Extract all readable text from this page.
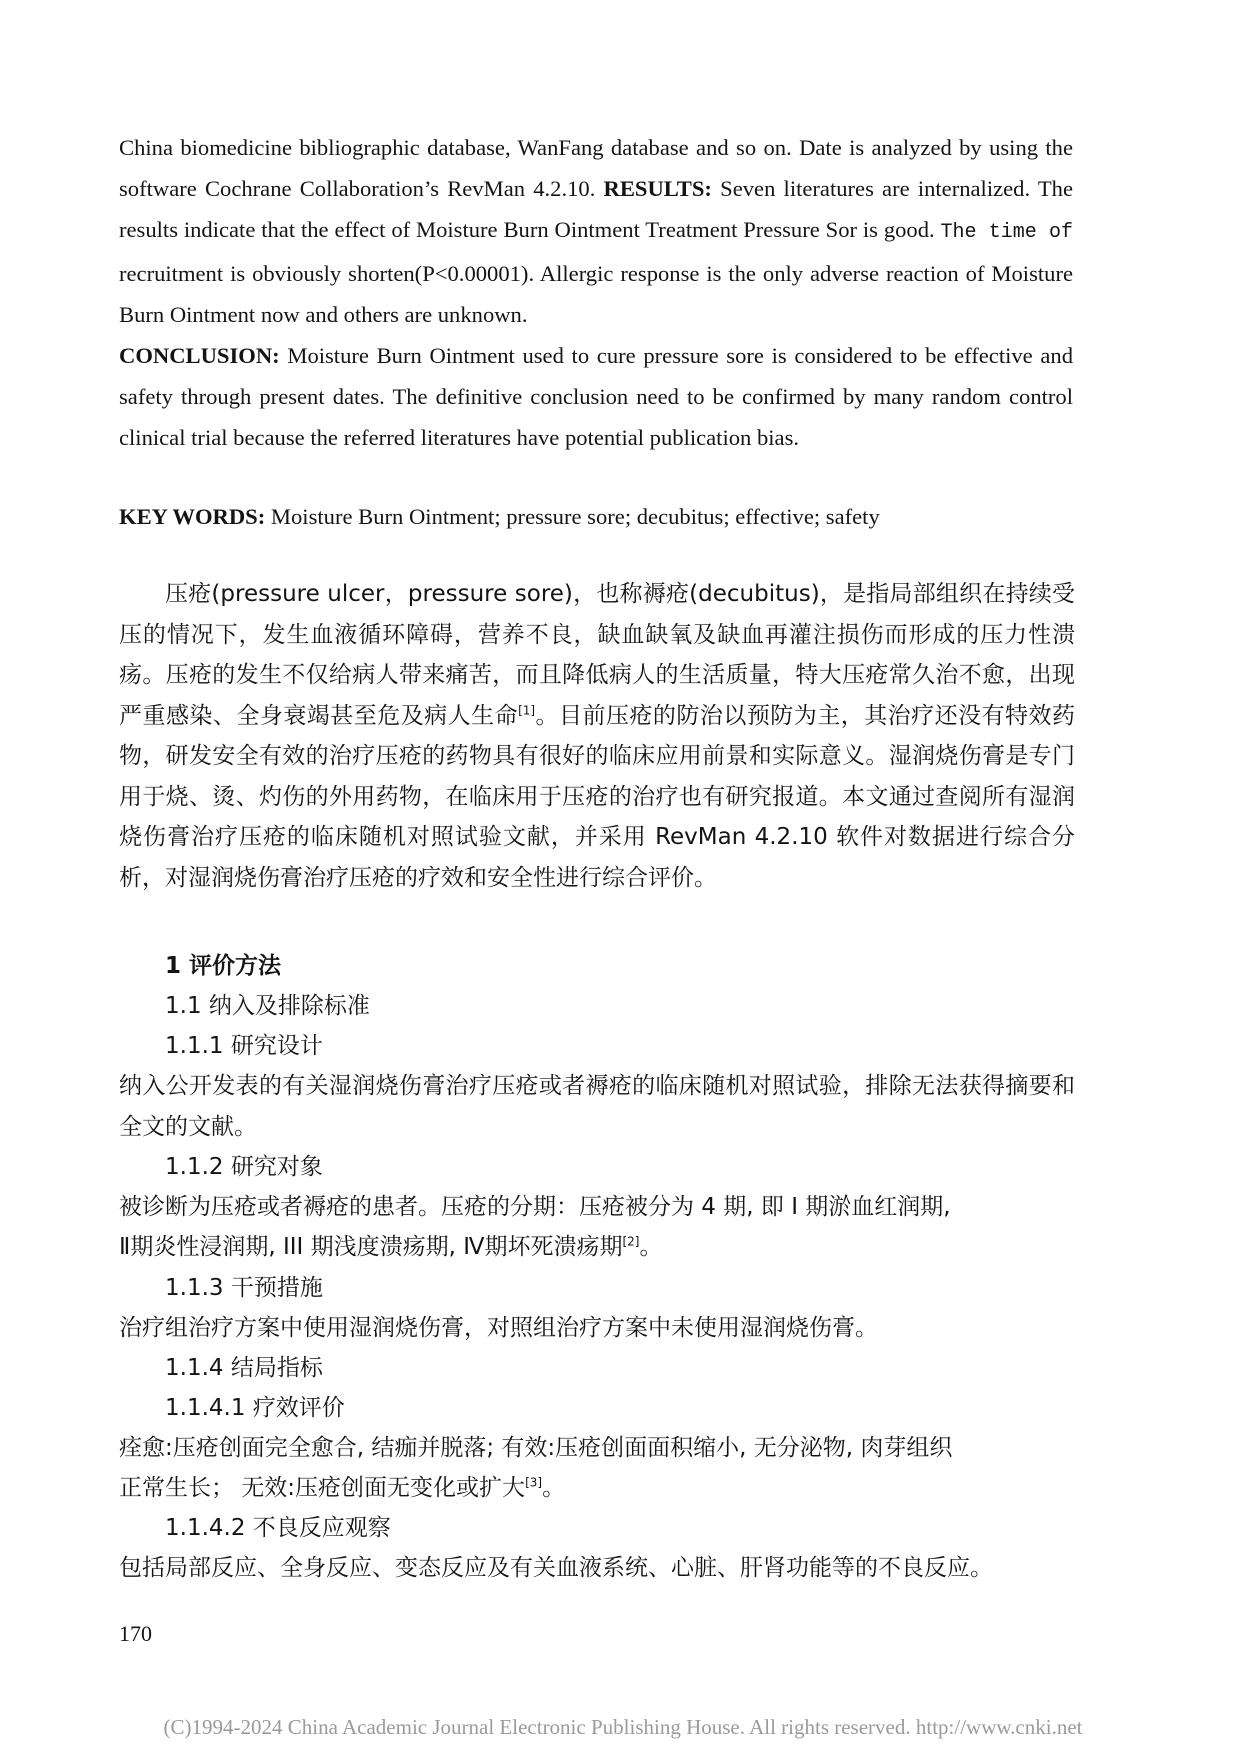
China biomedicine bibliographic database, WanFang database and so on. Date is analyzed by using the software Cochrane Collaboration’s RevMan 4.2.10. RESULTS: Seven literatures are internalized. The results indicate that the effect of Moisture Burn Ointment Treatment Pressure Sor is good. The time of recruitment is obviously shorten(P<0.00001). Allergic response is the only adverse reaction of Moisture Burn Ointment now and others are unknown.
CONCLUSION: Moisture Burn Ointment used to cure pressure sore is considered to be effective and safety through present dates. The definitive conclusion need to be confirmed by many random control clinical trial because the referred literatures have potential publication bias.
KEY WORDS: Moisture Burn Ointment; pressure sore; decubitus; effective; safety
压疮(pressure ulcer，pressure sore)，也称褥疮(decubitus)，是指局部组织在持续受压的情况下，发生血液循环障碍，营养不良，缺血缺氧及缺血再灌注损伤而形成的压力性溃疡。压疮的发生不仅给病人带来痛苦，而且降低病人的生活质量，特大压疮常久治不愈，出现严重感染、全身衰竭甚至危及病人生命[1]。目前压疮的防治以预防为主，其治疗还没有特效药物，研发安全有效的治疗压疮的药物具有很好的临床应用前景和实际意义。湿润烧伤膏是专门用于烧、烫、灼伤的外用药物，在临床用于压疮的治疗也有研究报道。本文通过查阅所有湿润烧伤膏治疗压疮的临床随机对照试验文献，并采用 RevMan 4.2.10 软件对数据进行综合分析，对湿润烧伤膏治疗压疮的疗效和安全性进行综合评价。
1 评价方法
1.1 纳入及排除标准
1.1.1 研究设计
纳入公开发表的有关湿润烧伤膏治疗压疮或者褥疮的临床随机对照试验，排除无法获得摘要和全文的文献。
1.1.2 研究对象
被诊断为压疮或者褥疮的患者。压疮的分期：压疮被分为 4 期, 即 I 期淤血红润期,
Ⅱ期炎性浸润期, III 期浅度溃疡期, Ⅳ期坏死溃疡期[2]。
1.1.3 干预措施
治疗组治疗方案中使用湿润烧伤膏，对照组治疗方案中未使用湿润烧伤膏。
1.1.4 结局指标
1.1.4.1 疗效评价
痊愈:压疮创面完全愈合, 结痂并脱落; 有效:压疮创面面积缩小, 无分泌物, 肉芽组织
正常生长； 无效:压疮创面无变化或扩大[3]。
1.1.4.2 不良反应观察
包括局部反应、全身反应、变态反应及有关血液系统、心脏、肝肾功能等的不良反应。
170
(C)1994-2024 China Academic Journal Electronic Publishing House. All rights reserved. http://www.cnki.net
